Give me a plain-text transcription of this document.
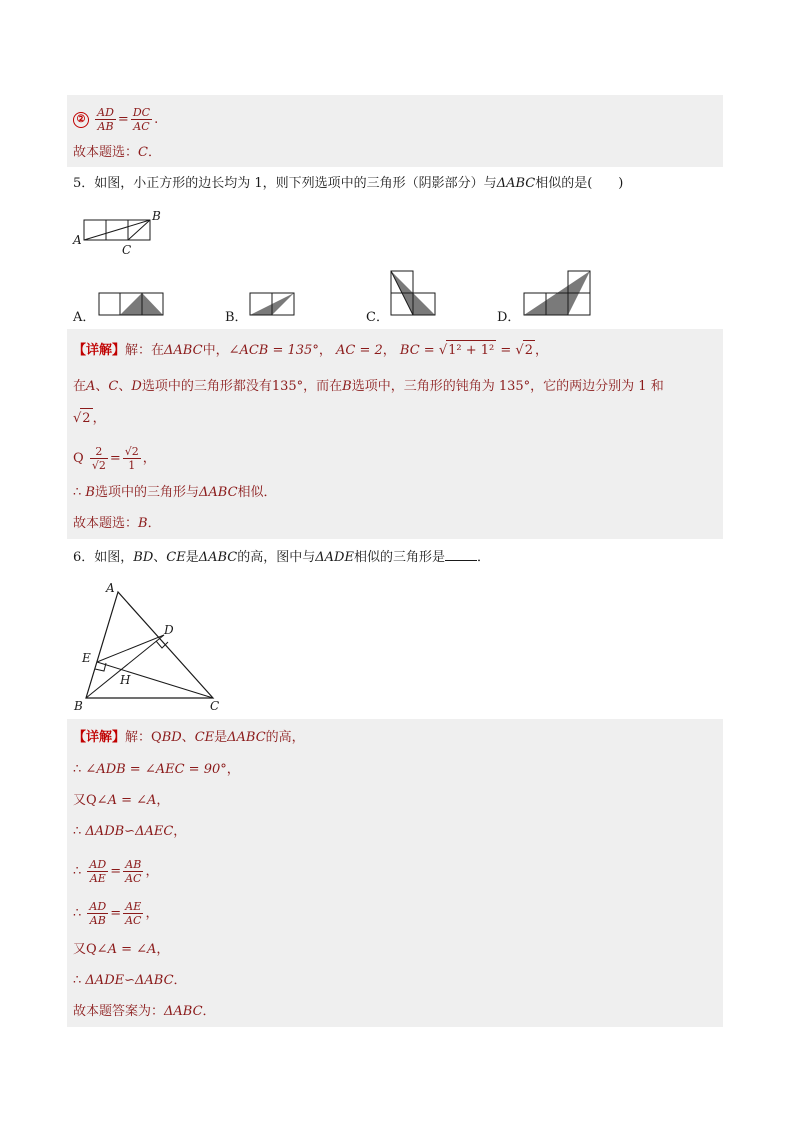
② $\frac{AD}{AB} = \frac{DC}{AC}$ .
故本题选：C．
5．如图，小正方形的边长均为 1，则下列选项中的三角形（阴影部分）与ΔABC相似的是(　　)
A
B
C
A．	B．	C．	D．
【详解】解：在ΔABC中，∠ACB = 135°， AC = 2， BC = √1² + 1² = √2 ，
在A、C、D选项中的三角形都没有135°，而在B选项中，三角形的钝角为 135°，它的两边分别为 1 和
√2 ，
Q $\frac{2}{√2} = \frac{√2}{1}$ ，
∴ B选项中的三角形与ΔABC相似．
故本题选：B．
6．如图，BD、CE是ΔABC的高，图中与ΔADE相似的三角形是 ．
A
B	C
D
E
H
【详解】解：QBD、CE是ΔABC的高，
∴ ∠ADB = ∠AEC = 90°，
又Q∠A = ∠A，
∴ ΔADB∽ΔAEC，
∴ $\frac{AD}{AE} = \frac{AB}{AC}$ ，
∴ $\frac{AD}{AB} = \frac{AE}{AC}$ ，
又Q∠A = ∠A，
∴ ΔADE∽ΔABC．
故本题答案为：ΔABC．
